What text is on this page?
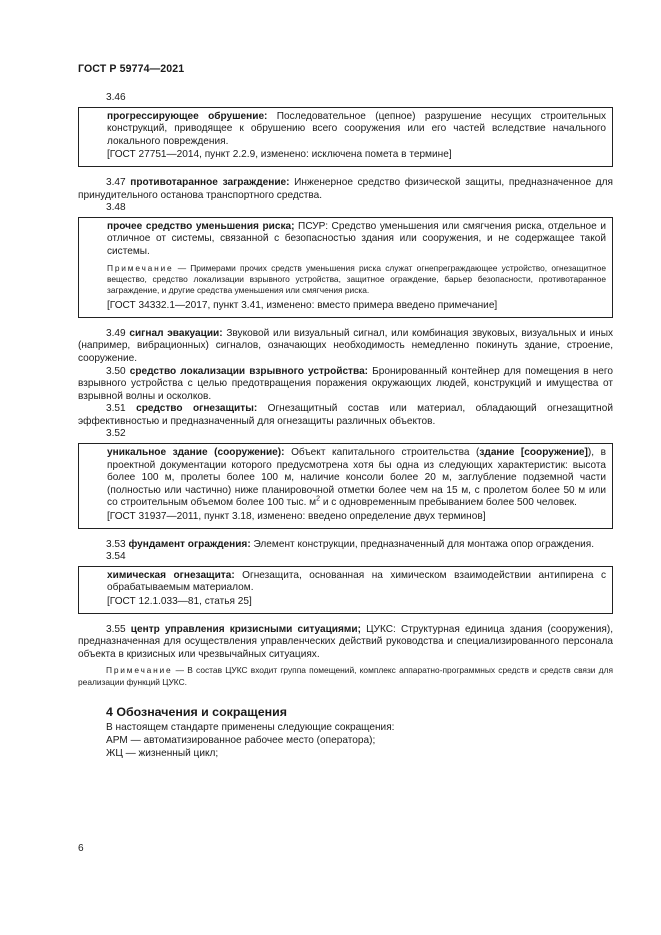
ГОСТ Р 59774—2021
3.46

прогрессирующее обрушение: Последовательное (цепное) разрушение несущих строительных конструкций, приводящее к обрушению всего сооружения или его частей вследствие начального локального повреждения.

[ГОСТ 27751—2014, пункт 2.2.9, изменено: исключена помета в термине]

3.47 противотаранное заграждение: Инженерное средство физической защиты, предназначенное для принудительного останова транспортного средства.

3.48

прочее средство уменьшения риска; ПСУР: Средство уменьшения или смягчения риска, отдельное и отличное от системы, связанной с безопасностью здания или сооружения, и не содержащее такой системы.

Примечание — Примерами прочих средств уменьшения риска служат огнепреграждающее устройство, огнезащитное вещество, средство локализации взрывного устройства, защитное ограждение, барьер безопасности, противотаранное заграждение, и другие средства уменьшения или смягчения риска.

[ГОСТ 34332.1—2017, пункт 3.41, изменено: вместо примера введено примечание]

3.49 сигнал эвакуации: Звуковой или визуальный сигнал, или комбинация звуковых, визуальных и иных (например, вибрационных) сигналов, означающих необходимость немедленно покинуть здание, строение, сооружение.

3.50 средство локализации взрывного устройства: Бронированный контейнер для помещения в него взрывного устройства с целью предотвращения поражения окружающих людей, конструкций и имущества от взрывной волны и осколков.

3.51 средство огнезащиты: Огнезащитный состав или материал, обладающий огнезащитной эффективностью и предназначенный для огнезащиты различных объектов.

3.52

уникальное здание (сооружение): Объект капитального строительства (здание [сооружение]), в проектной документации которого предусмотрена хотя бы одна из следующих характеристик: высота более 100 м, пролеты более 100 м, наличие консоли более 20 м, заглубление подземной части (полностью или частично) ниже планировочной отметки более чем на 15 м, с пролетом более 50 м или со строительным объемом более 100 тыс. $м^2$ и с одновременным пребыванием более 500 человек.

[ГОСТ 31937—2011, пункт 3.18, изменено: введено определение двух терминов]

3.53 фундамент ограждения: Элемент конструкции, предназначенный для монтажа опор ограждения.

3.54

химическая огнезащита: Огнезащита, основанная на химическом взаимодействии антипирена с обрабатываемым материалом.

[ГОСТ 12.1.033—81, статья 25]

3.55 центр управления кризисными ситуациями; ЦУКС: Структурная единица здания (сооружения), предназначенная для осуществления управленческих действий руководства и специализированного персонала объекта в кризисных или чрезвычайных ситуациях.

Примечание — В состав ЦУКС входит группа помещений, комплекс аппаратно-программных средств и средств связи для реализации функций ЦУКС.

4 Обозначения и сокращения

В настоящем стандарте применены следующие сокращения:

АРМ — автоматизированное рабочее место (оператора);

ЖЦ — жизненный цикл;

6
